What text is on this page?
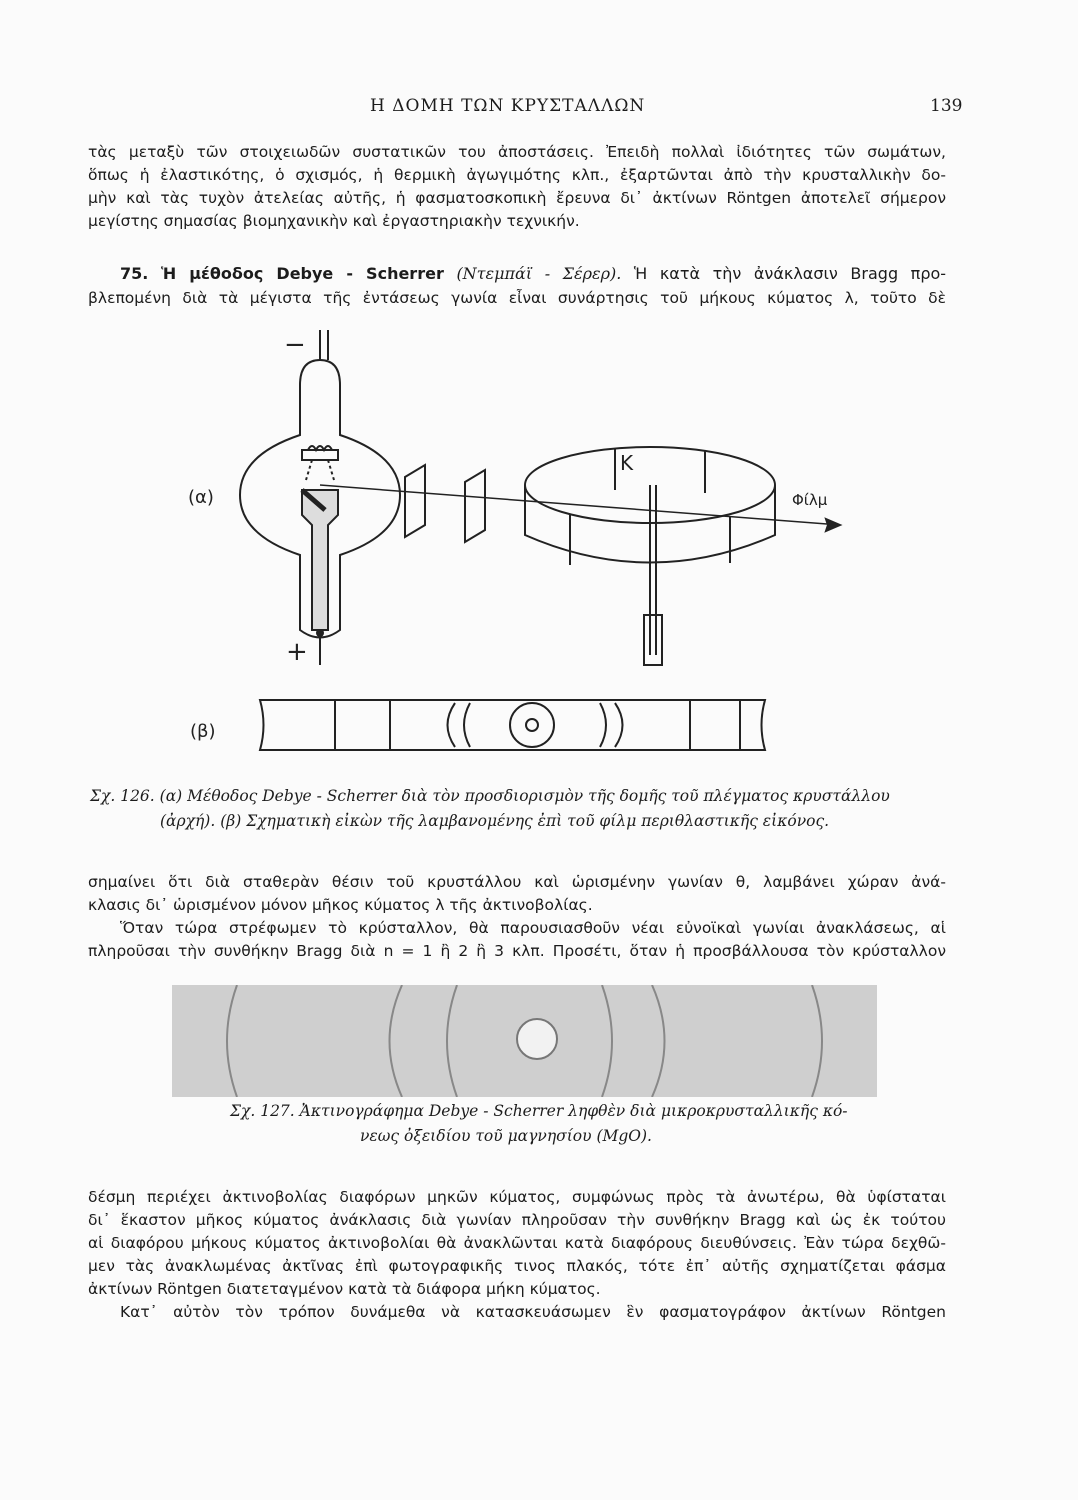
Η ΔΟΜΗ ΤΩΝ ΚΡΥΣΤΑΛΛΩΝ	139
τὰς μεταξὺ τῶν στοιχειωδῶν συστατικῶν του ἀποστάσεις. Ἐπειδὴ πολλαὶ ἰδιότητες τῶν σωμάτων,
ὅπως ἡ ἐλαστικότης, ὁ σχισμός, ἡ θερμικὴ ἀγωγιμότης κλπ., ἐξαρτῶνται ἀπὸ τὴν κρυσταλλικὴν δο-
μὴν καὶ τὰς τυχὸν ἀτελείας αὐτῆς, ἡ φασματοσκοπικὴ ἔρευνα δι᾽ ἀκτίνων Röntgen ἀποτελεῖ σήμερον
μεγίστης σημασίας βιομηχανικὴν καὶ ἐργαστηριακὴν τεχνικήν.
75. Ἡ μέθοδος Debye - Scherrer (Ντεμπάϊ - Σέρερ). Ἡ κατὰ τὴν ἀνάκλασιν Bragg προ-
βλεπομένη διὰ τὰ μέγιστα τῆς ἐντάσεως γωνία εἶναι συνάρτησις τοῦ μήκους κύματος λ, τοῦτο δὲ
−
+
(α)
K
Φίλμ
(β)
Σχ. 126. (α) Μέθοδος Debye - Scherrer διὰ τὸν προσδιορισμὸν τῆς δομῆς τοῦ πλέγματος κρυστάλλου
(ἀρχή). (β) Σχηματικὴ εἰκὼν τῆς λαμβανομένης ἐπὶ τοῦ φίλμ περιθλαστικῆς εἰκόνος.
σημαίνει ὅτι διὰ σταθερὰν θέσιν τοῦ κρυστάλλου καὶ ὡρισμένην γωνίαν θ, λαμβάνει χώραν ἀνά-
κλασις δι᾽ ὡρισμένον μόνον μῆκος κύματος λ τῆς ἀκτινοβολίας.
Ὅταν τώρα στρέφωμεν τὸ κρύσταλλον, θὰ παρουσιασθοῦν νέαι εὐνοϊκαὶ γωνίαι ἀνακλάσεως, αἱ
πληροῦσαι τὴν συνθήκην Bragg διὰ n = 1 ἢ 2 ἢ 3 κλπ. Προσέτι, ὅταν ἡ προσβάλλουσα τὸν κρύσταλλον
Σχ. 127. Ἀκτινογράφημα Debye - Scherrer ληφθὲν διὰ μικροκρυσταλλικῆς κό-
νεως ὀξειδίου τοῦ μαγνησίου (MgO).
δέσμη περιέχει ἀκτινοβολίας διαφόρων μηκῶν κύματος, συμφώνως πρὸς τὰ ἀνωτέρω, θὰ ὑφίσταται
δι᾽ ἕκαστον μῆκος κύματος ἀνάκλασις διὰ γωνίαν πληροῦσαν τὴν συνθήκην Bragg καὶ ὡς ἐκ τούτου
αἱ διαφόρου μήκους κύματος ἀκτινοβολίαι θὰ ἀνακλῶνται κατὰ διαφόρους διευθύνσεις. Ἐὰν τώρα δεχθῶ-
μεν τὰς ἀνακλωμένας ἀκτῖνας ἐπὶ φωτογραφικῆς τινος πλακός, τότε ἐπ᾽ αὐτῆς σχηματίζεται φάσμα
ἀκτίνων Röntgen διατεταγμένον κατὰ τὰ διάφορα μήκη κύματος.
Κατ᾽ αὐτὸν τὸν τρόπον δυνάμεθα νὰ κατασκευάσωμεν ἓν φασματογράφον ἀκτίνων Röntgen
